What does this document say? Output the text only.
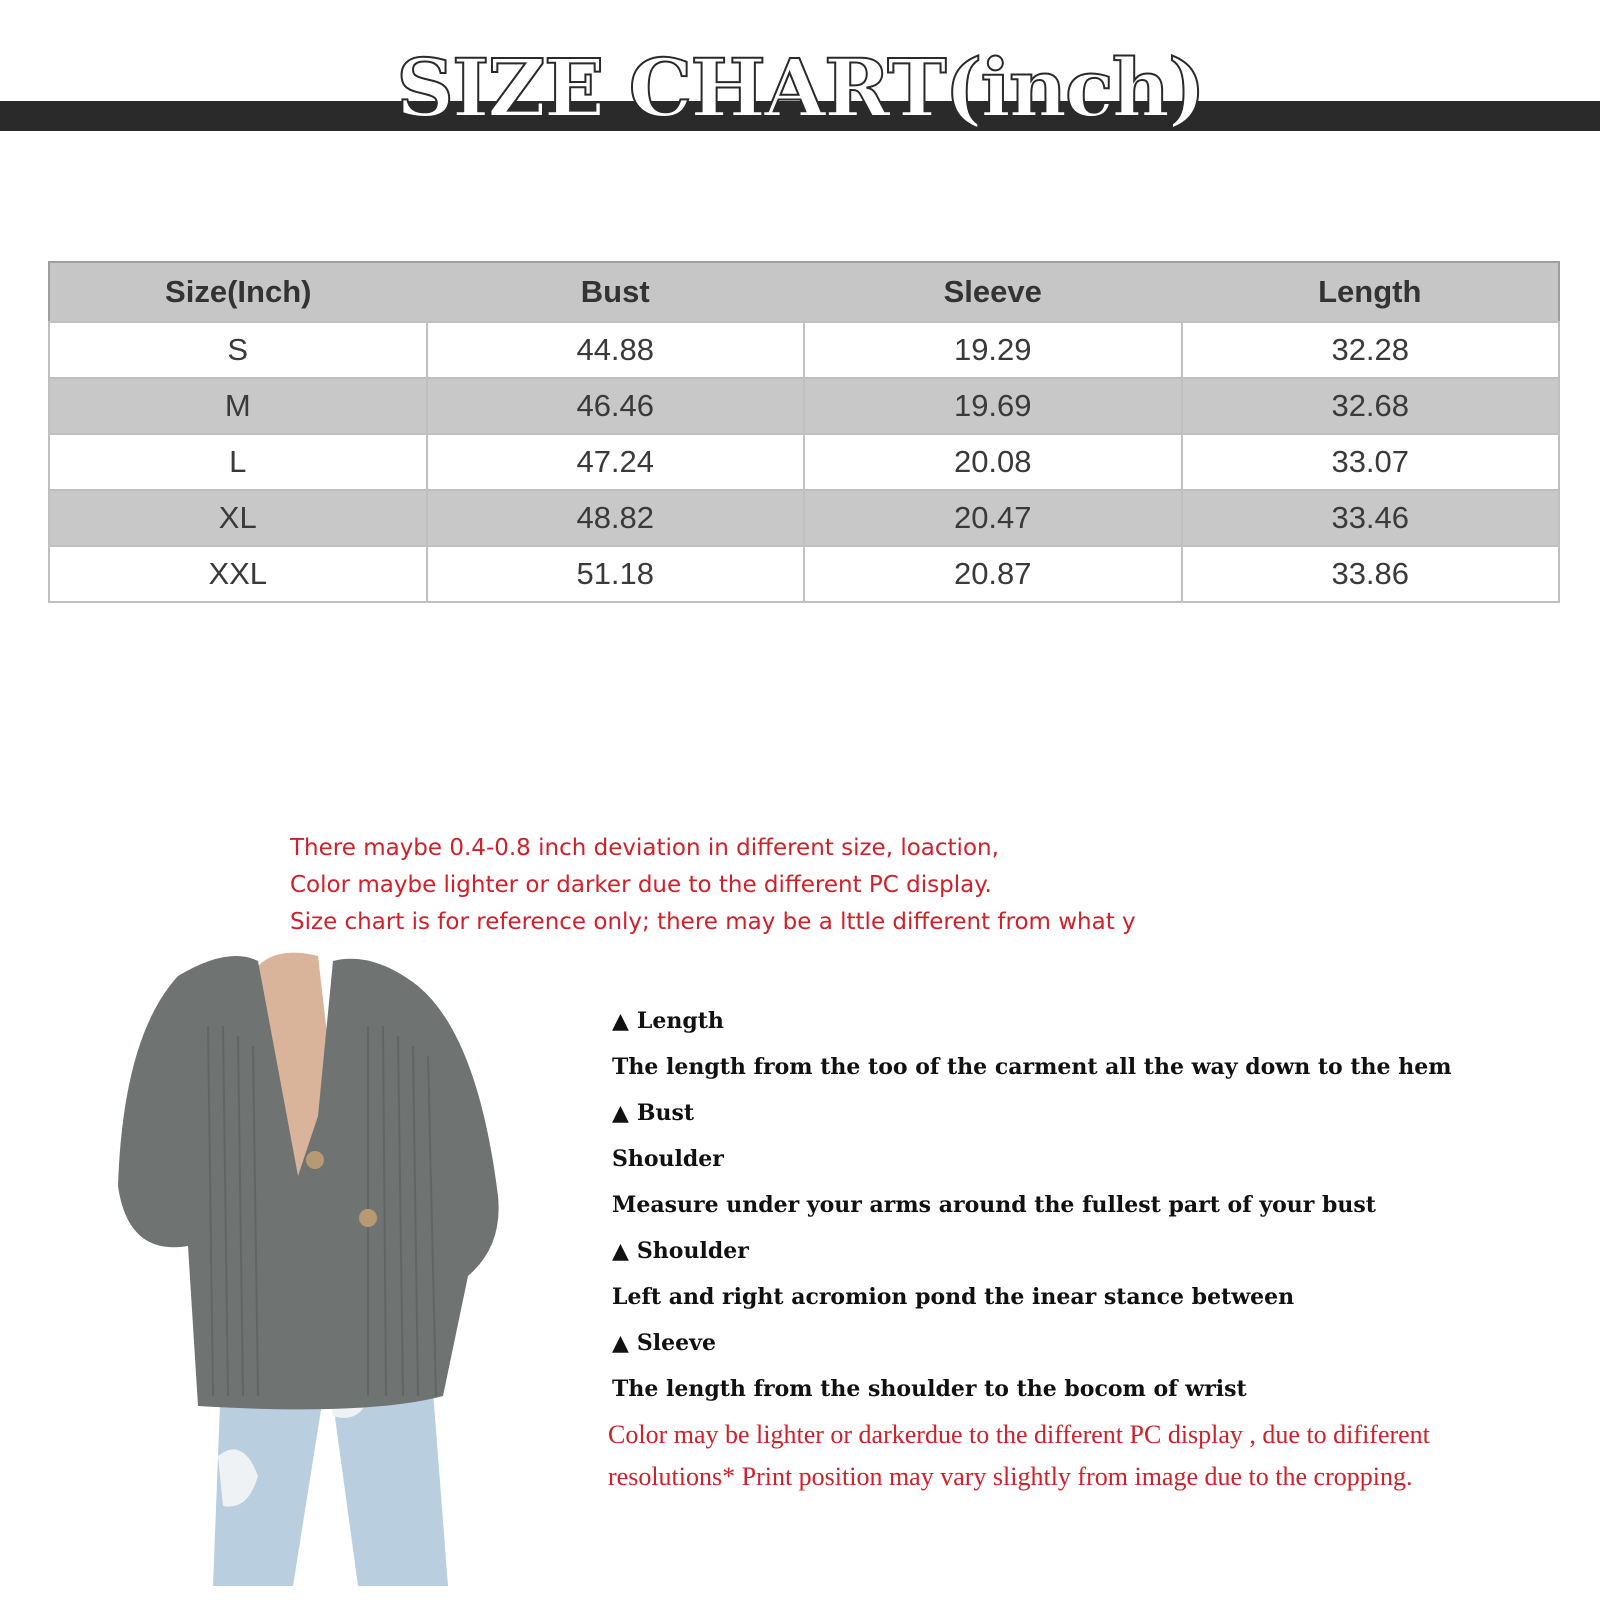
SIZE CHART(inch)
Size(Inch)	Bust	Sleeve	Length
S	44.88	19.29	32.28
M	46.46	19.69	32.68
L	47.24	20.08	33.07
XL	48.82	20.47	33.46
XXL	51.18	20.87	33.86
There maybe 0.4-0.8 inch deviation in different size, loaction,
Color maybe lighter or darker due to the different PC display.
Size chart is for reference only; there may be a lttle different from what y
▲ Length
The length from the too of the carment all the way down to the hem
▲ Bust
Shoulder
Measure under your arms around the fullest part of your bust
▲ Shoulder
Left and right acromion pond the inear stance between
▲ Sleeve
The length from the shoulder to the bocom of wrist
Color may be lighter or darkerdue to the different PC display , due to dififerent
resolutions* Print position may vary slightly from image due to the cropping.
